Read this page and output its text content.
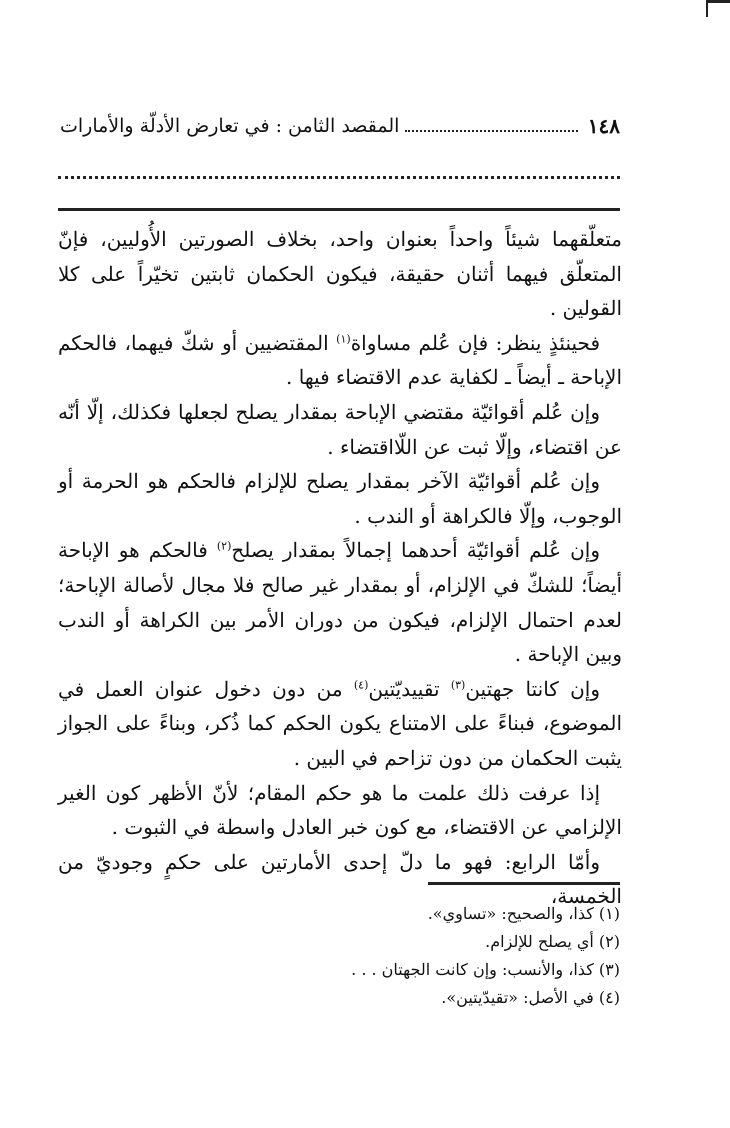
١٤٨
المقصد الثامن : في تعارض الأدلّة والأمارات

متعلّقهما شيئاً واحداً بعنوان واحد، بخلاف الصورتين الأُوليين، فإنّ المتعلّق فيهما أثنان حقيقة، فيكون الحكمان ثابتين تخيّراً على كلا القولين .

فحينئذٍ ينظر: فإن عُلم مساواة$^{(١)}$ المقتضيين أو شكّ فيهما، فالحكم الإباحة ـ أيضاً ـ لكفاية عدم الاقتضاء فيها .

وإن عُلم أقوائيّة مقتضي الإباحة بمقدار يصلح لجعلها فكذلك، إلّا أنّه عن اقتضاء، وإلّا ثبت عن اللّااقتضاء .

وإن عُلم أقوائيّة الآخر بمقدار يصلح للإلزام فالحكم هو الحرمة أو الوجوب، وإلّا فالكراهة أو الندب .

وإن عُلم أقوائيّة أحدهما إجمالاً بمقدار يصلح$^{(٢)}$ فالحكم هو الإباحة أيضاً؛ للشكّ في الإلزام، أو بمقدار غير صالح فلا مجال لأصالة الإباحة؛ لعدم احتمال الإلزام، فيكون من دوران الأمر بين الكراهة أو الندب وبين الإباحة .

وإن كانتا جهتين$^{(٣)}$ تقييديّتين$^{(٤)}$ من دون دخول عنوان العمل في الموضوع، فبناءً على الامتناع يكون الحكم كما ذُكر، وبناءً على الجواز يثبت الحكمان من دون تزاحم في البين .

إذا عرفت ذلك علمت ما هو حكم المقام؛ لأنّ الأظهر كون الغير الإلزامي عن الاقتضاء، مع كون خبر العادل واسطة في الثبوت .

وأمّا الرابع: فهو ما دلّ إحدى الأمارتين على حكمٍ وجوديّ من الخمسة،

(١) كذا، والصحيح: «تساوي».
(٢) أي يصلح للإلزام.
(٣) كذا، والأنسب: وإن كانت الجهتان . . .
(٤) في الأصل: «تقيدّيتين».
